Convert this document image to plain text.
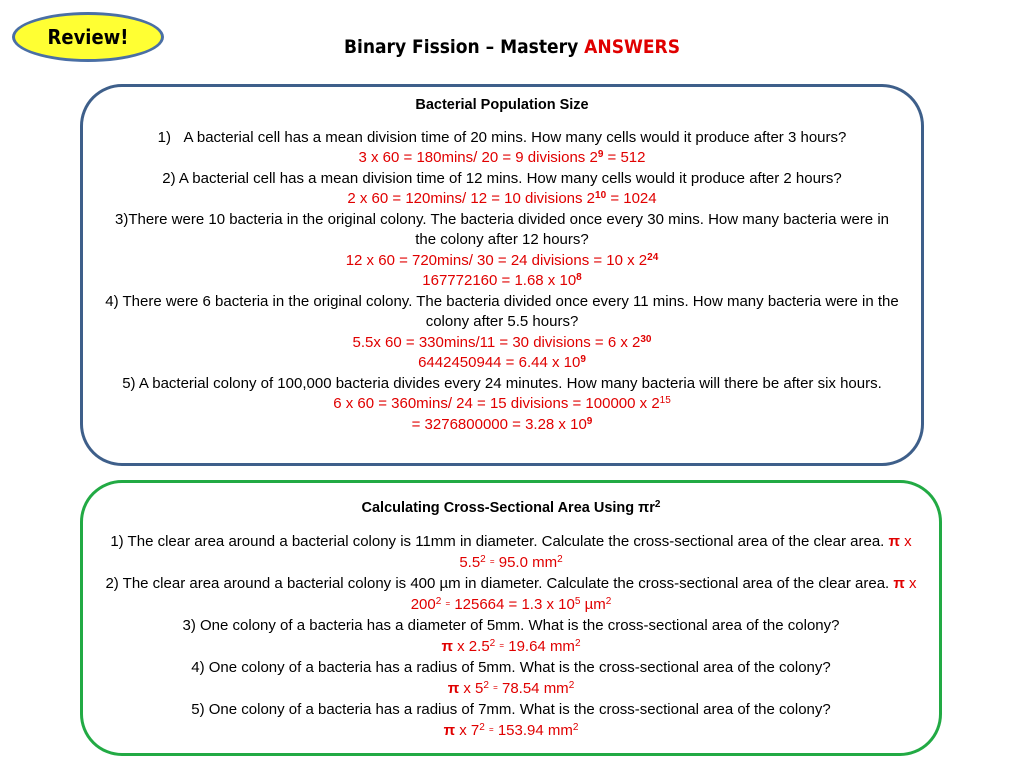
Review!	Binary Fission – Mastery ANSWERS
Bacterial Population Size
1) A bacterial cell has a mean division time of 20 mins. How many cells would it produce after 3 hours?
3 x 60 = 180mins/ 20 = 9 divisions $2^9 = 512$
2) A bacterial cell has a mean division time of 12 mins. How many cells would it produce after 2 hours?
2 x 60 = 120mins/ 12 = 10 divisions $2^{10} = 1024$
3)There were 10 bacteria in the original colony. The bacteria divided once every 30 mins. How many bacteria were in the colony after 12 hours?
12 x 60 = 720mins/ 30 = 24 divisions = 10 x $2^{24}$
167772160 = 1.68 x $10^8$
4) There were 6 bacteria in the original colony. The bacteria divided once every 11 mins. How many bacteria were in the colony after 5.5 hours?
5.5x 60 = 330mins/11 = 30 divisions = 6 x $2^{30}$
6442450944 = 6.44 x $10^9$
5) A bacterial colony of 100,000 bacteria divides every 24 minutes. How many bacteria will there be after six hours.
6 x 60 = 360mins/ 24 = 15 divisions = 100000 x $2^{15}$
= 3276800000 = 3.28 x $10^9$
Calculating Cross-Sectional Area Using $\pi r^2$
1) The clear area around a bacterial colony is 11mm in diameter. Calculate the cross-sectional area of the clear area. π x $5.5^2$ = 95.0 $mm^2$
2) The clear area around a bacterial colony is 400 µm in diameter. Calculate the cross-sectional area of the clear area. π x $200^2$ = 125664 = 1.3 x $10^5$ µm$^2$
3) One colony of a bacteria has a diameter of 5mm. What is the cross-sectional area of the colony?
π x $2.5^2$ = 19.64 $mm^2$
4) One colony of a bacteria has a radius of 5mm. What is the cross-sectional area of the colony?
π x $5^2$ = 78.54 $mm^2$
5) One colony of a bacteria has a radius of 7mm. What is the cross-sectional area of the colony?
π x $7^2$ = 153.94 $mm^2$
